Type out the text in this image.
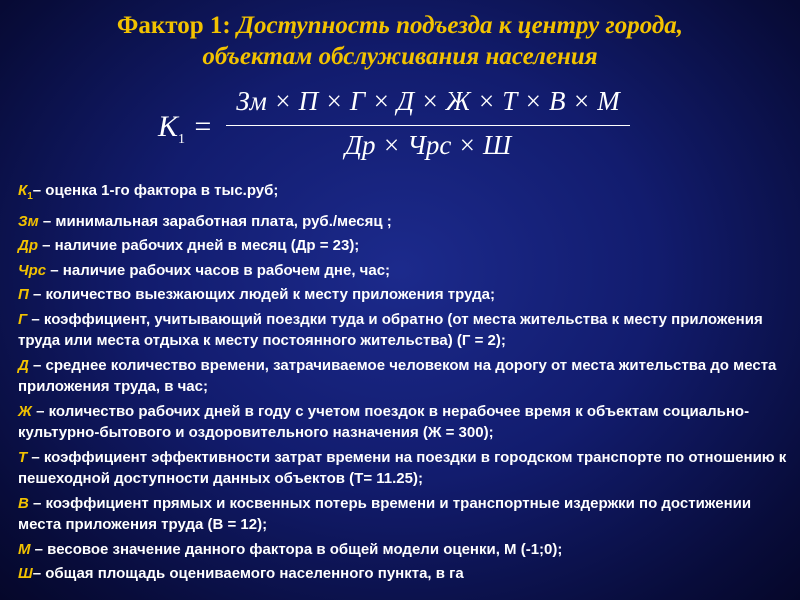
Фактор 1: Доступность подъезда к центру города,
объектам обслуживания населения
$K_1$ =
Зм × П × Г × Д × Ж × Т × В × М
Др × Чрс × Ш
$К_1-$ оценка 1-го фактора в тыс.руб;
Зм – минимальная заработная плата, руб./месяц ;
Др – наличие рабочих дней в месяц (Др = 23);
Чрс – наличие рабочих часов в рабочем дне, час;
П – количество выезжающих людей к месту приложения труда;
Г – коэффициент, учитывающий поездки туда и обратно (от места жительства к месту приложения труда или места отдыха к месту постоянного жительства) (Г = 2);
Д – среднее количество времени, затрачиваемое человеком на дорогу от места жительства до места приложения труда, в час;
Ж – количество рабочих дней в году с учетом поездок в нерабочее время к объектам социально-культурно-бытового и оздоровительного назначения (Ж = 300);
Т – коэффициент эффективности затрат времени на поездки в городском транспорте по отношению к пешеходной доступности данных объектов (Т= 11.25);
В – коэффициент прямых и косвенных потерь времени и транспортные издержки по достижении места приложения труда (В = 12);
М – весовое значение данного фактора в общей модели оценки, М (-1;0);
Ш– общая площадь оцениваемого населенного пункта, в га
